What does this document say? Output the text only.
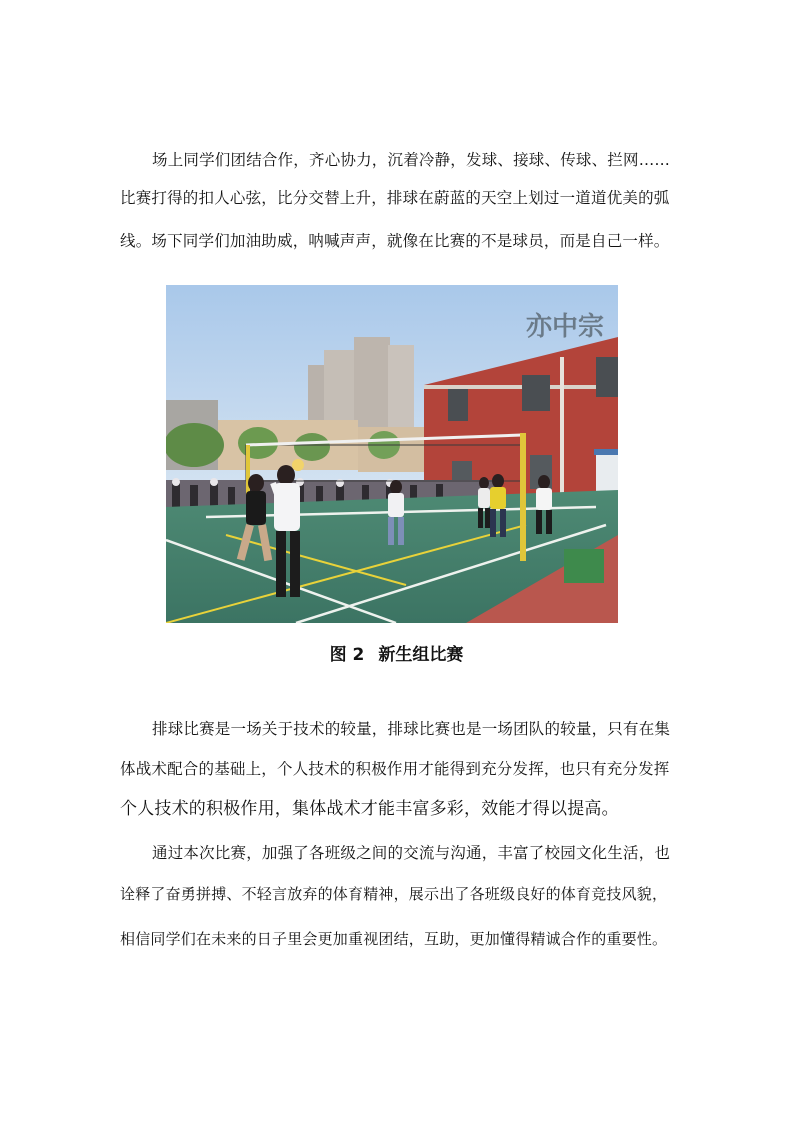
场上同学们团结合作，齐心协力，沉着冷静，发球、接球、传球、拦网……
比赛打得的扣人心弦，比分交替上升，排球在蔚蓝的天空上划过一道道优美的弧
线。场下同学们加油助威，呐喊声声，就像在比赛的不是球员，而是自己一样。
亦中宗
图 2 新生组比赛
排球比赛是一场关于技术的较量，排球比赛也是一场团队的较量，只有在集
体战术配合的基础上，个人技术的积极作用才能得到充分发挥，也只有充分发挥
个人技术的积极作用，集体战术才能丰富多彩，效能才得以提高。
通过本次比赛，加强了各班级之间的交流与沟通，丰富了校园文化生活，也
诠释了奋勇拼搏、不轻言放弃的体育精神，展示出了各班级良好的体育竞技风貌，
相信同学们在未来的日子里会更加重视团结，互助，更加懂得精诚合作的重要性。
